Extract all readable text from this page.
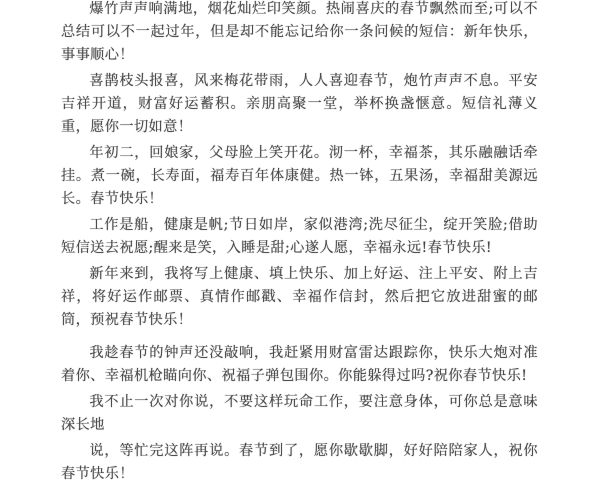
爆竹声声响满地，烟花灿烂印笑颜。热闹喜庆的春节飘然而至;可以不总结可以不一起过年，但是却不能忘记给你一条问候的短信：新年快乐，事事顺心！

喜鹊枝头报喜，风来梅花带雨，人人喜迎春节，炮竹声声不息。平安吉祥开道，财富好运蓄积。亲朋高聚一堂，举杯换盏惬意。短信礼薄义重，愿你一切如意！

年初二，回娘家，父母脸上笑开花。沏一杯，幸福茶，其乐融融话牵挂。煮一碗，长寿面，福寿百年体康健。热一钵，五果汤，幸福甜美源远长。春节快乐！

工作是船，健康是帆;节日如岸，家似港湾;洗尽征尘，绽开笑脸;借助短信送去祝愿;醒来是笑，入睡是甜;心遂人愿，幸福永远!春节快乐!

新年来到，我将写上健康、填上快乐、加上好运、注上平安、附上吉祥，将好运作邮票、真情作邮戳、幸福作信封，然后把它放进甜蜜的邮筒，预祝春节快乐！

我趁春节的钟声还没敲响，我赶紧用财富雷达跟踪你，快乐大炮对准着你、幸福机枪瞄向你、祝福子弹包围你。你能躲得过吗?祝你春节快乐!

我不止一次对你说，不要这样玩命工作，要注意身体，可你总是意味深长地

说，等忙完这阵再说。春节到了，愿你歇歇脚，好好陪陪家人，祝你春节快乐！
